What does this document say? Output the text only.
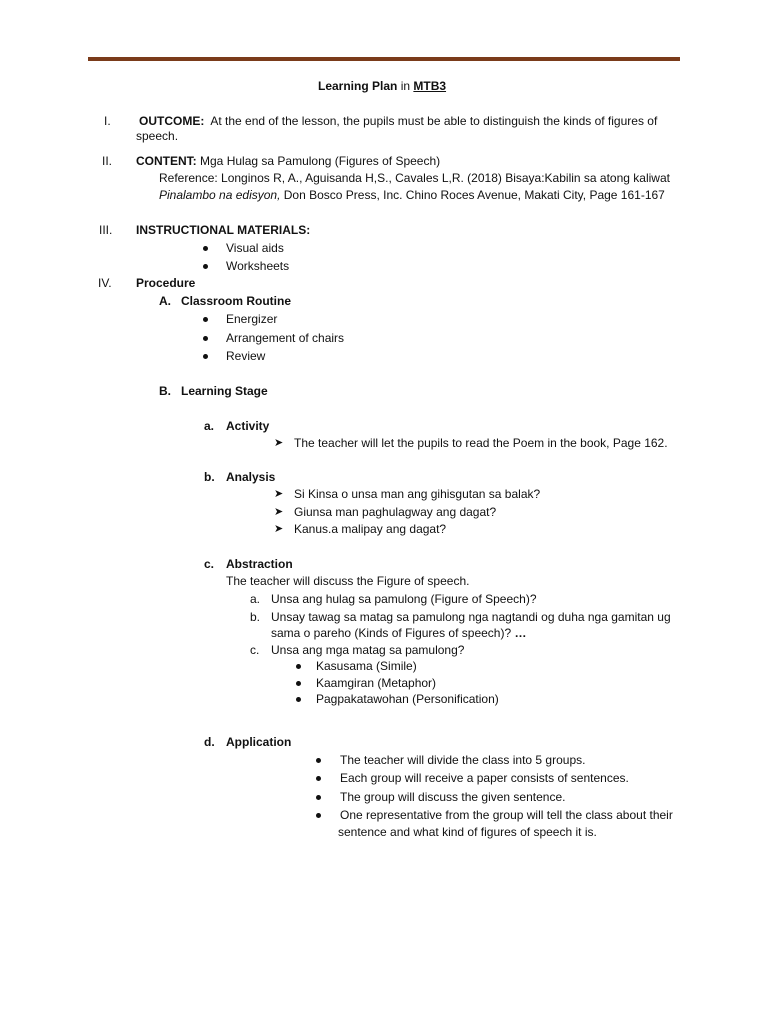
Learning Plan in MTB3
I. OUTCOME: At the end of the lesson, the pupils must be able to distinguish the kinds of figures of
speech.
II. CONTENT: Mga Hulag sa Pamulong (Figures of Speech)
Reference: Longinos R, A., Aguisanda H,S., Cavales L,R. (2018) Bisaya:Kabilin sa atong kaliwat
Pinalambo na edisyon, Don Bosco Press, Inc. Chino Roces Avenue, Makati City, Page 161-167
III. INSTRUCTIONAL MATERIALS:
Visual aids
Worksheets
IV. Procedure
A. Classroom Routine
Energizer
Arrangement of chairs
Review
B. Learning Stage
a. Activity
➤ The teacher will let the pupils to read the Poem in the book, Page 162.
b. Analysis
➤ Si Kinsa o unsa man ang gihisgutan sa balak?
➤ Giunsa man paghulagway ang dagat?
➤ Kanus.a malipay ang dagat?
c. Abstraction
The teacher will discuss the Figure of speech.
a. Unsa ang hulag sa pamulong (Figure of Speech)?
b. Unsay tawag sa matag sa pamulong nga nagtandi og duha nga gamitan ug
sama o pareho (Kinds of Figures of speech)? …
c. Unsa ang mga matag sa pamulong?
Kasusama (Simile)
Kaamgiran (Metaphor)
Pagpakatawohan (Personification)
d. Application
The teacher will divide the class into 5 groups.
Each group will receive a paper consists of sentences.
The group will discuss the given sentence.
One representative from the group will tell the class about their
sentence and what kind of figures of speech it is.
